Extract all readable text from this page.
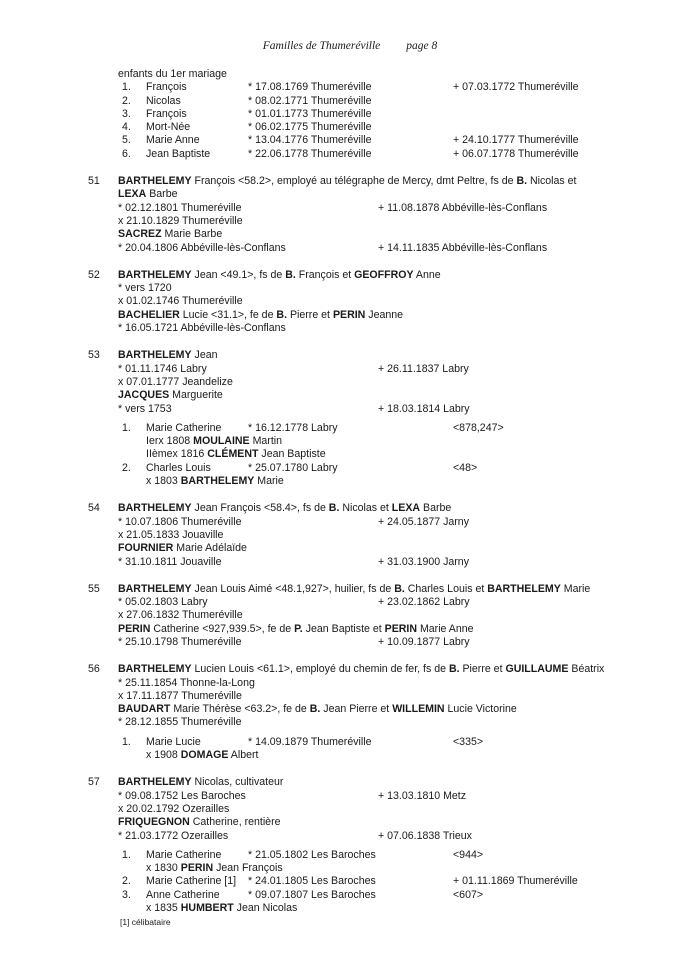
Familles de Thumeréville page 8
enfants du 1er mariage
1. François	* 17.08.1769 Thumeréville	+ 07.03.1772 Thumeréville
2. Nicolas	* 08.02.1771 Thumeréville
3. François	* 01.01.1773 Thumeréville
4. Mort-Née	* 06.02.1775 Thumeréville
5. Marie Anne	* 13.04.1776 Thumeréville	+ 24.10.1777 Thumeréville
6. Jean Baptiste	* 22.06.1778 Thumeréville	+ 06.07.1778 Thumeréville
51 BARTHELEMY François <58.2>, employé au télégraphe de Mercy, dmt Peltre, fs de B. Nicolas et
LEXA Barbe
* 02.12.1801 Thumeréville	+ 11.08.1878 Abbéville-lès-Conflans
x 21.10.1829 Thumeréville
SACREZ Marie Barbe
* 20.04.1806 Abbéville-lès-Conflans	+ 14.11.1835 Abbéville-lès-Conflans
52 BARTHELEMY Jean <49.1>, fs de B. François et GEOFFROY Anne
* vers 1720
x 01.02.1746 Thumeréville
BACHELIER Lucie <31.1>, fe de B. Pierre et PERIN Jeanne
* 16.05.1721 Abbéville-lès-Conflans
53 BARTHELEMY Jean
* 01.11.1746 Labry	+ 26.11.1837 Labry
x 07.01.1777 Jeandelize
JACQUES Marguerite
* vers 1753	+ 18.03.1814 Labry
1. Marie Catherine	* 16.12.1778 Labry	<878,247>
Ierx 1808 MOULAINE Martin
IIèmex 1816 CLÉMENT Jean Baptiste
2. Charles Louis	* 25.07.1780 Labry	<48>
x 1803 BARTHELEMY Marie
54 BARTHELEMY Jean François <58.4>, fs de B. Nicolas et LEXA Barbe
* 10.07.1806 Thumeréville	+ 24.05.1877 Jarny
x 21.05.1833 Jouaville
FOURNIER Marie Adélaïde
* 31.10.1811 Jouaville	+ 31.03.1900 Jarny
55 BARTHELEMY Jean Louis Aimé <48.1,927>, huilier, fs de B. Charles Louis et BARTHELEMY Marie
* 05.02.1803 Labry	+ 23.02.1862 Labry
x 27.06.1832 Thumeréville
PERIN Catherine <927,939.5>, fe de P. Jean Baptiste et PERIN Marie Anne
* 25.10.1798 Thumeréville	+ 10.09.1877 Labry
56 BARTHELEMY Lucien Louis <61.1>, employé du chemin de fer, fs de B. Pierre et GUILLAUME Béatrix
* 25.11.1854 Thonne-la-Long
x 17.11.1877 Thumeréville
BAUDART Marie Thérèse <63.2>, fe de B. Jean Pierre et WILLEMIN Lucie Victorine
* 28.12.1855 Thumeréville
1. Marie Lucie	* 14.09.1879 Thumeréville	<335>
x 1908 DOMAGE Albert
57 BARTHELEMY Nicolas, cultivateur
* 09.08.1752 Les Baroches	+ 13.03.1810 Metz
x 20.02.1792 Ozerailles
FRIQUEGNON Catherine, rentière
* 21.03.1772 Ozerailles	+ 07.06.1838 Trieux
1. Marie Catherine	* 21.05.1802 Les Baroches	<944>
x 1830 PERIN Jean François
2. Marie Catherine [1] * 24.01.1805 Les Baroches	+ 01.11.1869 Thumeréville
3. Anne Catherine	* 09.07.1807 Les Baroches	<607>
x 1835 HUMBERT Jean Nicolas
[1] célibataire
